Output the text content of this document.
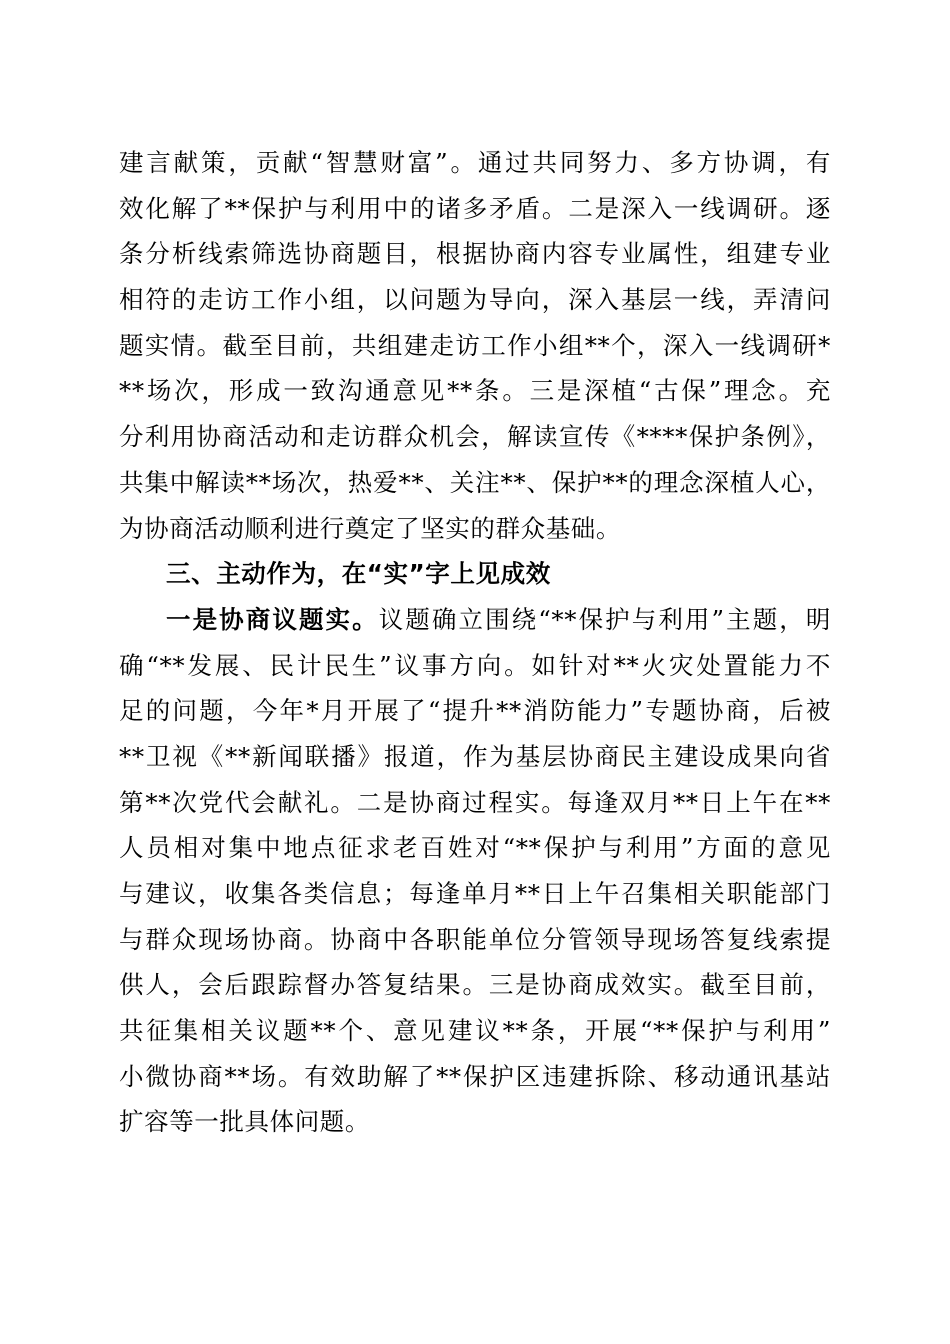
建言献策，贡献“智慧财富”。通过共同努力、多方协调，有
效化解了**保护与利用中的诸多矛盾。二是深入一线调研。逐
条分析线索筛选协商题目，根据协商内容专业属性，组建专业
相符的走访工作小组，以问题为导向，深入基层一线，弄清问
题实情。截至目前，共组建走访工作小组**个，深入一线调研*
**场次，形成一致沟通意见**条。三是深植“古保”理念。充
分利用协商活动和走访群众机会，解读宣传《****保护条例》，
共集中解读**场次，热爱**、关注**、保护**的理念深植人心，
为协商活动顺利进行奠定了坚实的群众基础。
三、主动作为，在“实”字上见成效
一是协商议题实。议题确立围绕“**保护与利用”主题，明
确“**发展、民计民生”议事方向。如针对**火灾处置能力不
足的问题，今年*月开展了“提升**消防能力”专题协商，后被
**卫视《**新闻联播》报道，作为基层协商民主建设成果向省
第**次党代会献礼。二是协商过程实。每逢双月**日上午在**
人员相对集中地点征求老百姓对“**保护与利用”方面的意见
与建议，收集各类信息；每逢单月**日上午召集相关职能部门
与群众现场协商。协商中各职能单位分管领导现场答复线索提
供人，会后跟踪督办答复结果。三是协商成效实。截至目前，
共征集相关议题**个、意见建议**条，开展“**保护与利用”
小微协商**场。有效助解了**保护区违建拆除、移动通讯基站
扩容等一批具体问题。
